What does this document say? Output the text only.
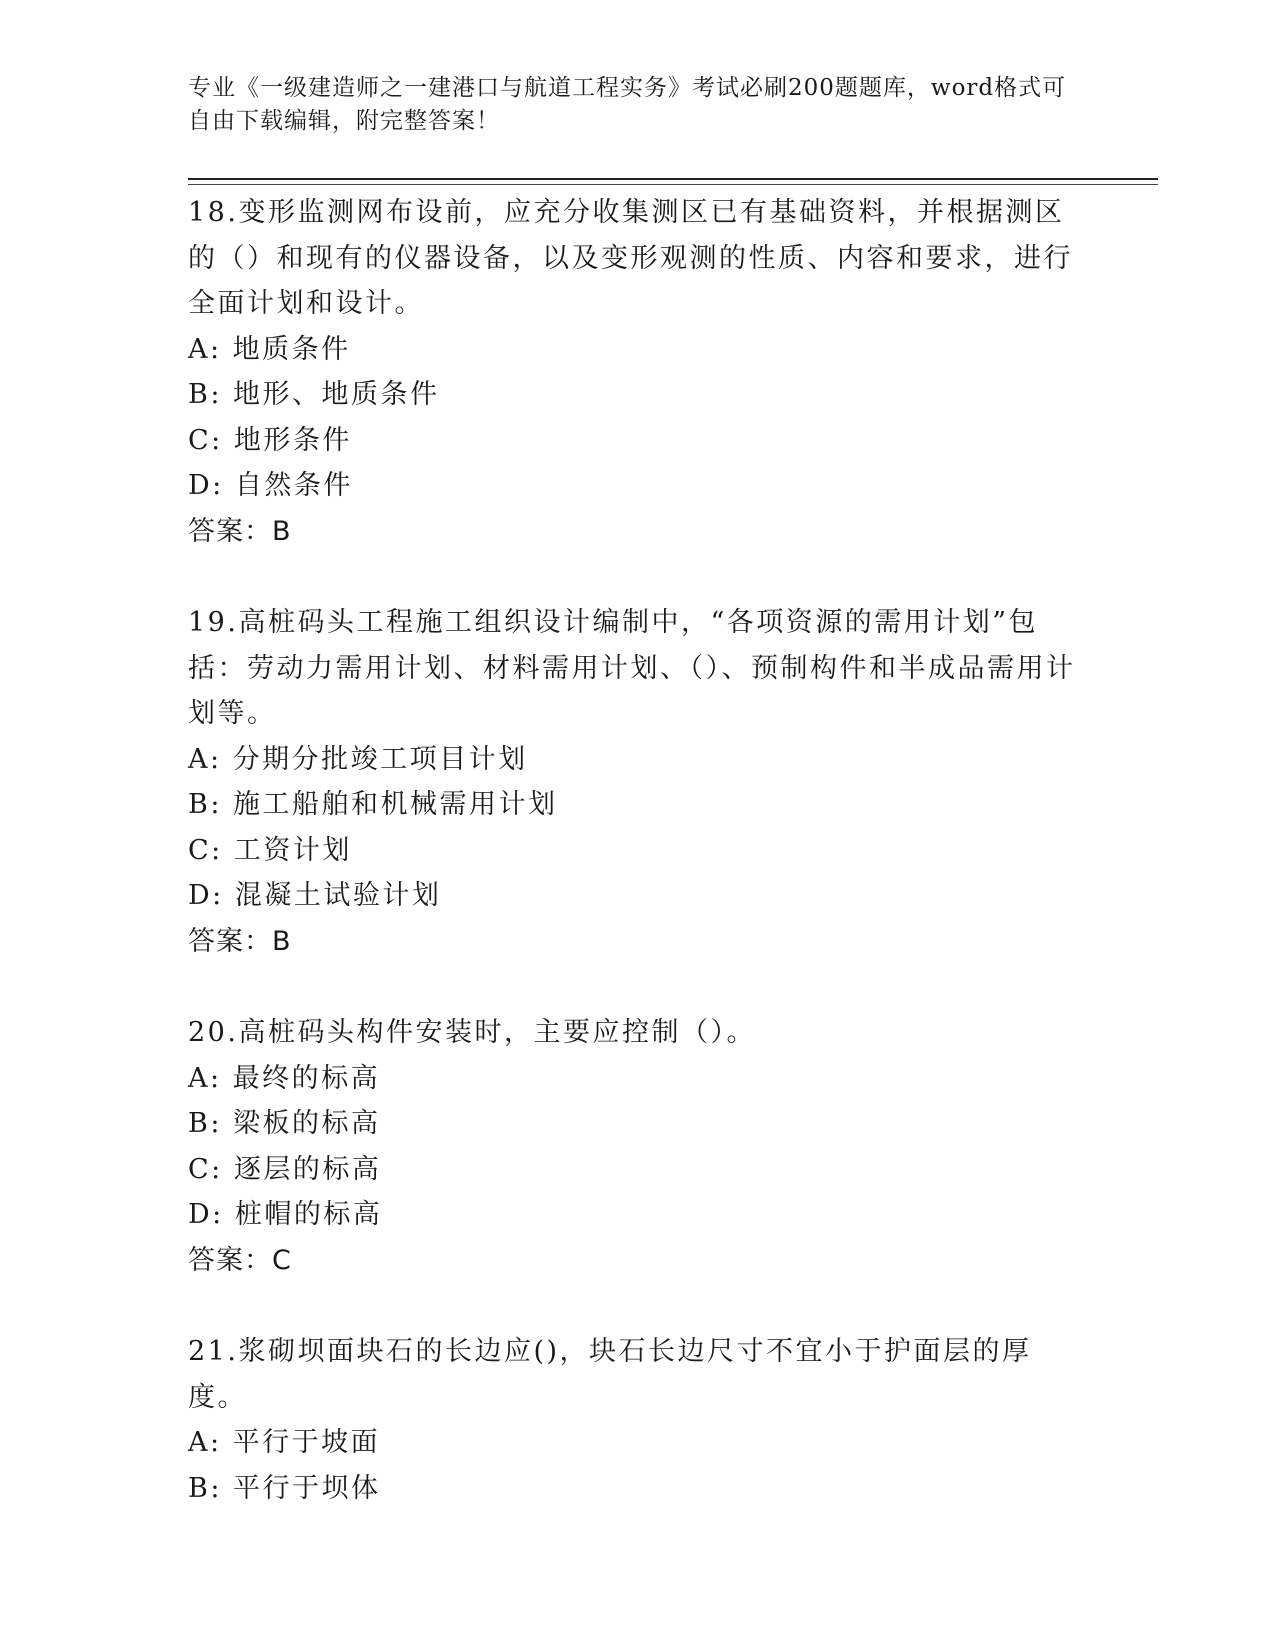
专业《一级建造师之一建港口与航道工程实务》考试必刷200题题库，word格式可自由下载编辑，附完整答案！

18.变形监测网布设前，应充分收集测区已有基础资料，并根据测区的（）和现有的仪器设备，以及变形观测的性质、内容和要求，进行全面计划和设计。

A: 地质条件

B: 地形、地质条件

C: 地形条件

D: 自然条件

答案：B

19.高桩码头工程施工组织设计编制中，“各项资源的需用计划”包括：劳动力需用计划、材料需用计划、（）、预制构件和半成品需用计划等。

A: 分期分批竣工项目计划

B: 施工船舶和机械需用计划

C: 工资计划

D: 混凝土试验计划

答案：B

20.高桩码头构件安装时，主要应控制（）。

A: 最终的标高

B: 梁板的标高

C: 逐层的标高

D: 桩帽的标高

答案：C

21.浆砌坝面块石的长边应()，块石长边尺寸不宜小于护面层的厚度。

A: 平行于坡面

B: 平行于坝体
